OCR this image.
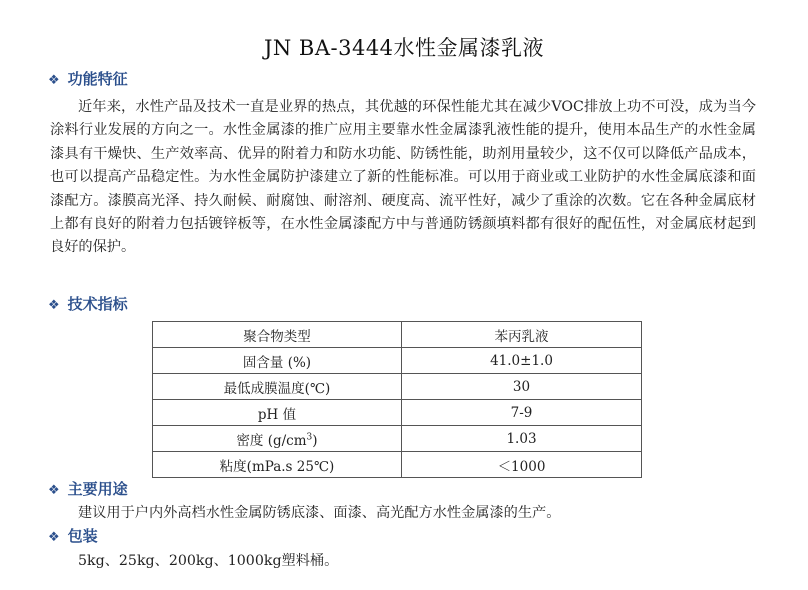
JN BA-3444水性金属漆乳液
❖ 功能特征
近年来，水性产品及技术一直是业界的热点，其优越的环保性能尤其在减少VOC排放上功不可没，成为当今涂料行业发展的方向之一。水性金属漆的推广应用主要靠水性金属漆乳液性能的提升，使用本品生产的水性金属漆具有干燥快、生产效率高、优异的附着力和防水功能、防锈性能，助剂用量较少，这不仅可以降低产品成本，也可以提高产品稳定性。为水性金属防护漆建立了新的性能标准。可以用于商业或工业防护的水性金属底漆和面漆配方。漆膜高光泽、持久耐候、耐腐蚀、耐溶剂、硬度高、流平性好，减少了重涂的次数。它在各种金属底材上都有良好的附着力包括镀锌板等，在水性金属漆配方中与普通防锈颜填料都有很好的配伍性，对金属底材起到良好的保护。
❖ 技术指标
聚合物类型	苯丙乳液
固含量 (%)	41.0±1.0
最低成膜温度(℃)	30
pH 值	7-9
密度 $(g/cm^3)$	1.03
粘度(mPa.s 25℃)	＜1000
❖ 主要用途
建议用于户内外高档水性金属防锈底漆、面漆、高光配方水性金属漆的生产。
❖ 包装
5kg、25kg、200kg、1000kg塑料桶。
